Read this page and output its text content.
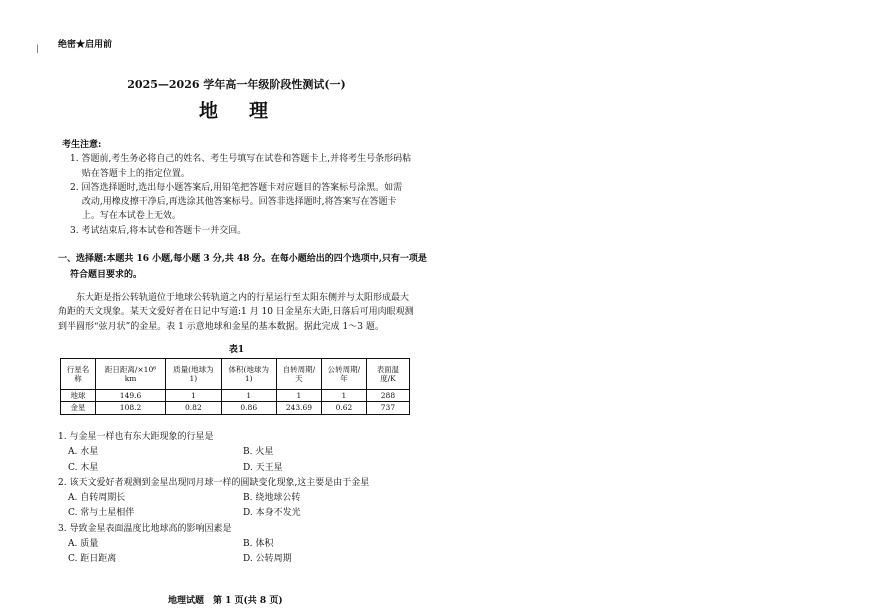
| 绝密★启用前
2025—2026 学年高一年级阶段性测试(一)
地　理
考生注意:
1. 答题前,考生务必将自己的姓名、考生号填写在试卷和答题卡上,并将考生号条形码粘
　 贴在答题卡上的指定位置。
2. 回答选择题时,选出每小题答案后,用铅笔把答题卡对应题目的答案标号涂黑。如需
　 改动,用橡皮擦干净后,再选涂其他答案标号。回答非选择题时,将答案写在答题卡
　 上。写在本试卷上无效。
3. 考试结束后,将本试卷和答题卡一并交回。
一、选择题:本题共 16 小题,每小题 3 分,共 48 分。在每小题给出的四个选项中,只有一项是
符合题目要求的。
东大距是指公转轨道位于地球公转轨道之内的行星运行至太阳东侧并与太阳形成最大
角距的天文现象。某天文爱好者在日记中写道:1 月 10 日金星东大距,日落后可用肉眼观测
到半圆形“弦月状”的金星。表 1 示意地球和金星的基本数据。据此完成 1～3 题。
表1
行星名称	距日距离/×10⁶ km	质量(地球为 1)	体积(地球为 1)	自转周期/天	公转周期/年	表面温度/K
地球	149.6	1	1	1	1	288
金星	108.2	0.82	0.86	243.69	0.62	737
1. 与金星一样也有东大距现象的行星是
A. 水星	B. 火星
C. 木星	D. 天王星
2. 该天文爱好者观测到金星出现同月球一样的圆缺变化现象,这主要是由于金星
A. 自转周期长	B. 绕地球公转
C. 常与土星相伴	D. 本身不发光
3. 导致金星表面温度比地球高的影响因素是
A. 质量	B. 体积
C. 距日距离	D. 公转周期
地理试题　第 1 页(共 8 页)
